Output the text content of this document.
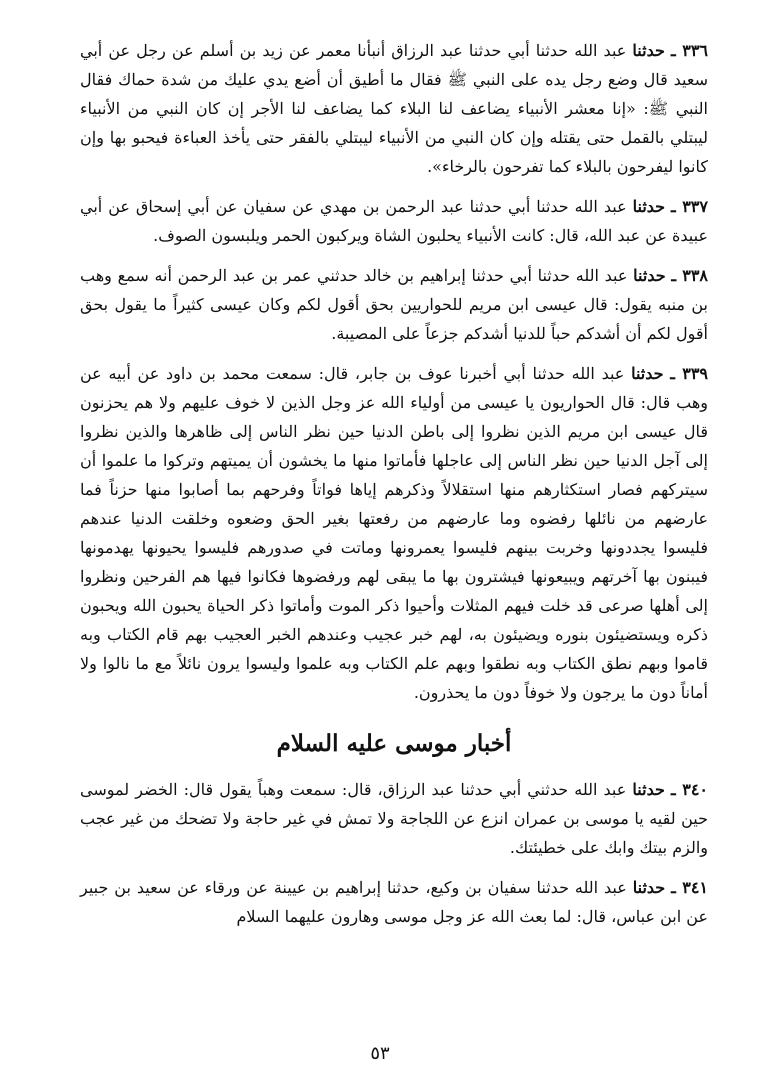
٣٣٦ ـ حدثنا عبد الله حدثنا أبي حدثنا عبد الرزاق أنبأنا معمر عن زيد بن أسلم عن رجل عن أبي سعيد قال وضع رجل يده على النبي ﷺ فقال ما أطيق أن أضع يدي عليك من شدة حماك فقال النبي ﷺ: «إنا معشر الأنبياء يضاعف لنا البلاء كما يضاعف لنا الأجر إن كان النبي من الأنبياء ليبتلي بالقمل حتى يقتله وإن كان النبي من الأنبياء ليبتلي بالفقر حتى يأخذ العباءة فيحبو بها وإن كانوا ليفرحون بالبلاء كما تفرحون بالرخاء».

٣٣٧ ـ حدثنا عبد الله حدثنا أبي حدثنا عبد الرحمن بن مهدي عن سفيان عن أبي إسحاق عن أبي عبيدة عن عبد الله، قال: كانت الأنبياء يحلبون الشاة ويركبون الحمر ويلبسون الصوف.

٣٣٨ ـ حدثنا عبد الله حدثنا أبي حدثنا إبراهيم بن خالد حدثني عمر بن عبد الرحمن أنه سمع وهب بن منبه يقول: قال عيسى ابن مريم للحواريين بحق أقول لكم وكان عيسى كثيراً ما يقول بحق أقول لكم أن أشدكم حباً للدنيا أشدكم جزعاً على المصيبة.

٣٣٩ ـ حدثنا عبد الله حدثنا أبي أخبرنا عوف بن جابر، قال: سمعت محمد بن داود عن أبيه عن وهب قال: قال الحواريون يا عيسى من أولياء الله عز وجل الذين لا خوف عليهم ولا هم يحزنون قال عيسى ابن مريم الذين نظروا إلى باطن الدنيا حين نظر الناس إلى ظاهرها والذين نظروا إلى آجل الدنيا حين نظر الناس إلى عاجلها فأماتوا منها ما يخشون أن يميتهم وتركوا ما علموا أن سيتركهم فصار استكثارهم منها استقلالاً وذكرهم إياها فواتاً وفرحهم بما أصابوا منها حزناً فما عارضهم من نائلها رفضوه وما عارضهم من رفعتها بغير الحق وضعوه وخلقت الدنيا عندهم فليسوا يجددونها وخربت بينهم فليسوا يعمرونها وماتت في صدورهم فليسوا يحيونها يهدمونها فيبنون بها آخرتهم ويبيعونها فيشترون بها ما يبقى لهم ورفضوها فكانوا فيها هم الفرحين ونظروا إلى أهلها صرعى قد خلت فيهم المثلات وأحيوا ذكر الموت وأماتوا ذكر الحياة يحبون الله ويحبون ذكره ويستضيئون بنوره ويضيئون به، لهم خبر عجيب وعندهم الخبر العجيب بهم قام الكتاب وبه قاموا وبهم نطق الكتاب وبه نطقوا وبهم علم الكتاب وبه علموا وليسوا يرون نائلاً مع ما نالوا ولا أماناً دون ما يرجون ولا خوفاً دون ما يحذرون.

أخبار موسى عليه السلام

٣٤٠ ـ حدثنا عبد الله حدثني أبي حدثنا عبد الرزاق، قال: سمعت وهباً يقول قال: الخضر لموسى حين لقيه يا موسى بن عمران انزع عن اللجاجة ولا تمش في غير حاجة ولا تضحك من غير عجب والزم بيتك وابك على خطيئتك.

٣٤١ ـ حدثنا عبد الله حدثنا سفيان بن وكيع، حدثنا إبراهيم بن عيينة عن ورقاء عن سعيد بن جبير عن ابن عباس، قال: لما بعث الله عز وجل موسى وهارون عليهما السلام

٥٣
